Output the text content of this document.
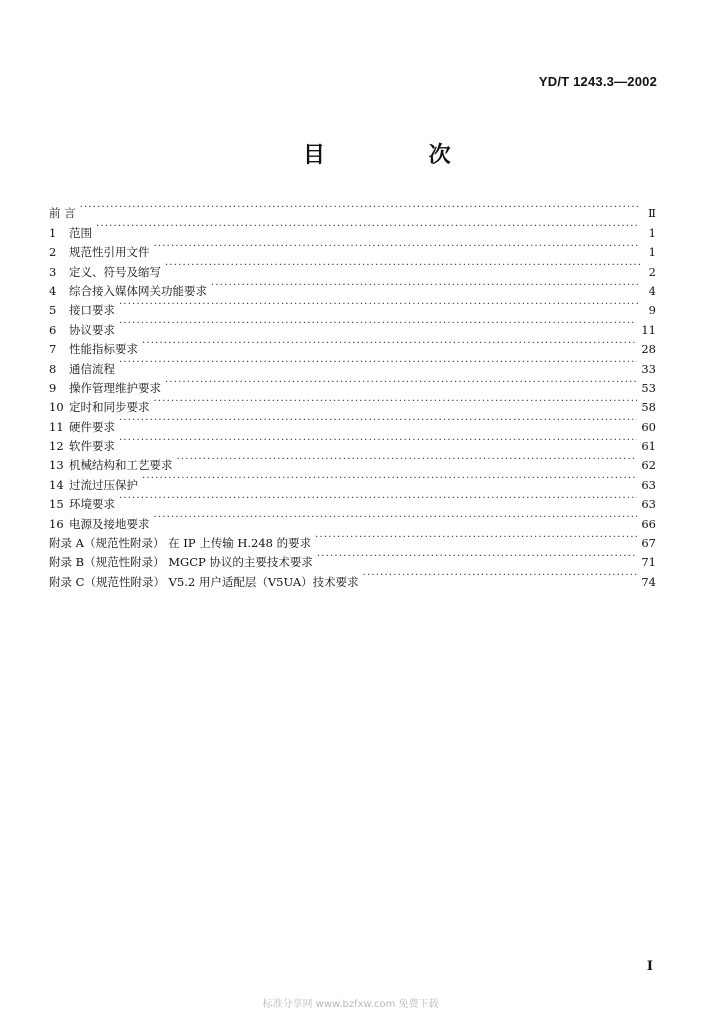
YD/T 1243.3—2002
目 次
前 言 ·····	Ⅱ
1	范围 ·····	1
2	规范性引用文件 ·····	1
3	定义、符号及缩写 ·····	2
4	综合接入媒体网关功能要求 ·····	4
5	接口要求 ·····	9
6	协议要求 ·····	11
7	性能指标要求 ·····	28
8	通信流程 ·····	33
9	操作管理维护要求 ·····	53
10 定时和同步要求 ·····	58
11 硬件要求 ·····	60
12 软件要求 ·····	61
13 机械结构和工艺要求 ·····	62
14 过流过压保护 ·····	63
15 环境要求 ·····	63
16 电源及接地要求 ·····	66
附录 A（规范性附录） 在 IP 上传输 H.248 的要求 ·····	67
附录 B（规范性附录） MGCP 协议的主要技术要求 ·····	71
附录 C（规范性附录） V5.2 用户适配层（V5UA）技术要求 ·····	74
I
标准分享网 www.bzfxw.com 免费下载
